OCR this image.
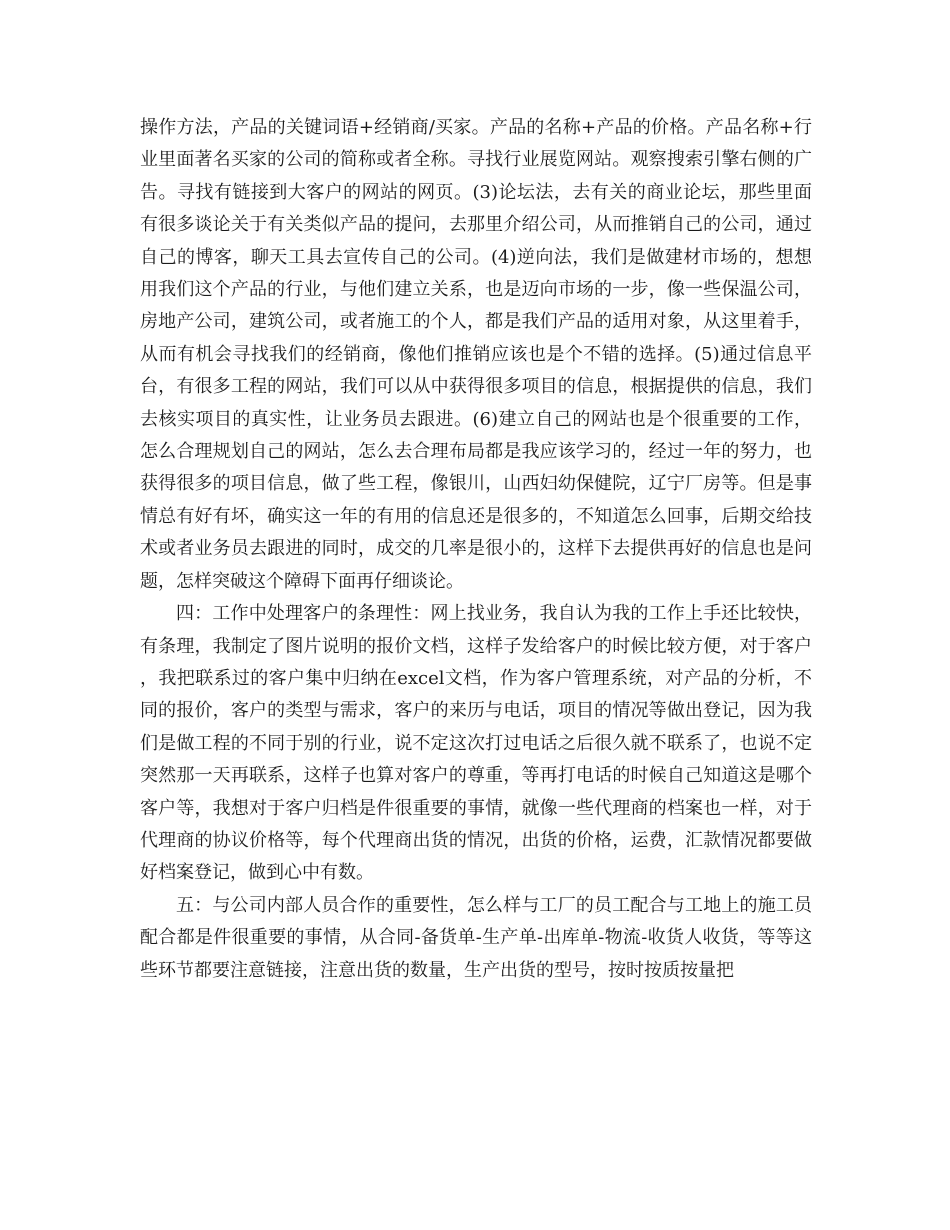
操作方法，产品的关键词语+经销商/买家。产品的名称+产品的价格。产品名称+行业里面著名买家的公司的简称或者全称。寻找行业展览网站。观察搜索引擎右侧的广告。寻找有链接到大客户的网站的网页。(3)论坛法，去有关的商业论坛，那些里面有很多谈论关于有关类似产品的提问，去那里介绍公司，从而推销自己的公司，通过自己的博客，聊天工具去宣传自己的公司。(4)逆向法，我们是做建材市场的，想想用我们这个产品的行业，与他们建立关系，也是迈向市场的一步，像一些保温公司，房地产公司，建筑公司，或者施工的个人，都是我们产品的适用对象，从这里着手，从而有机会寻找我们的经销商，像他们推销应该也是个不错的选择。(5)通过信息平台，有很多工程的网站，我们可以从中获得很多项目的信息，根据提供的信息，我们去核实项目的真实性，让业务员去跟进。(6)建立自己的网站也是个很重要的工作，怎么合理规划自己的网站，怎么去合理布局都是我应该学习的，经过一年的努力，也获得很多的项目信息，做了些工程，像银川，山西妇幼保健院，辽宁厂房等。但是事情总有好有坏，确实这一年的有用的信息还是很多的，不知道怎么回事，后期交给技术或者业务员去跟进的同时，成交的几率是很小的，这样下去提供再好的信息也是问题，怎样突破这个障碍下面再仔细谈论。

四：工作中处理客户的条理性：网上找业务，我自认为我的工作上手还比较快，有条理，我制定了图片说明的报价文档，这样子发给客户的时候比较方便，对于客户，我把联系过的客户集中归纳在excel文档，作为客户管理系统，对产品的分析，不同的报价，客户的类型与需求，客户的来历与电话，项目的情况等做出登记，因为我们是做工程的不同于别的行业，说不定这次打过电话之后很久就不联系了，也说不定突然那一天再联系，这样子也算对客户的尊重，等再打电话的时候自己知道这是哪个客户等，我想对于客户归档是件很重要的事情，就像一些代理商的档案也一样，对于代理商的协议价格等，每个代理商出货的情况，出货的价格，运费，汇款情况都要做好档案登记，做到心中有数。

五：与公司内部人员合作的重要性，怎么样与工厂的员工配合与工地上的施工员配合都是件很重要的事情，从合同-备货单-生产单-出库单-物流-收货人收货，等等这些环节都要注意链接，注意出货的数量，生产出货的型号，按时按质按量把
